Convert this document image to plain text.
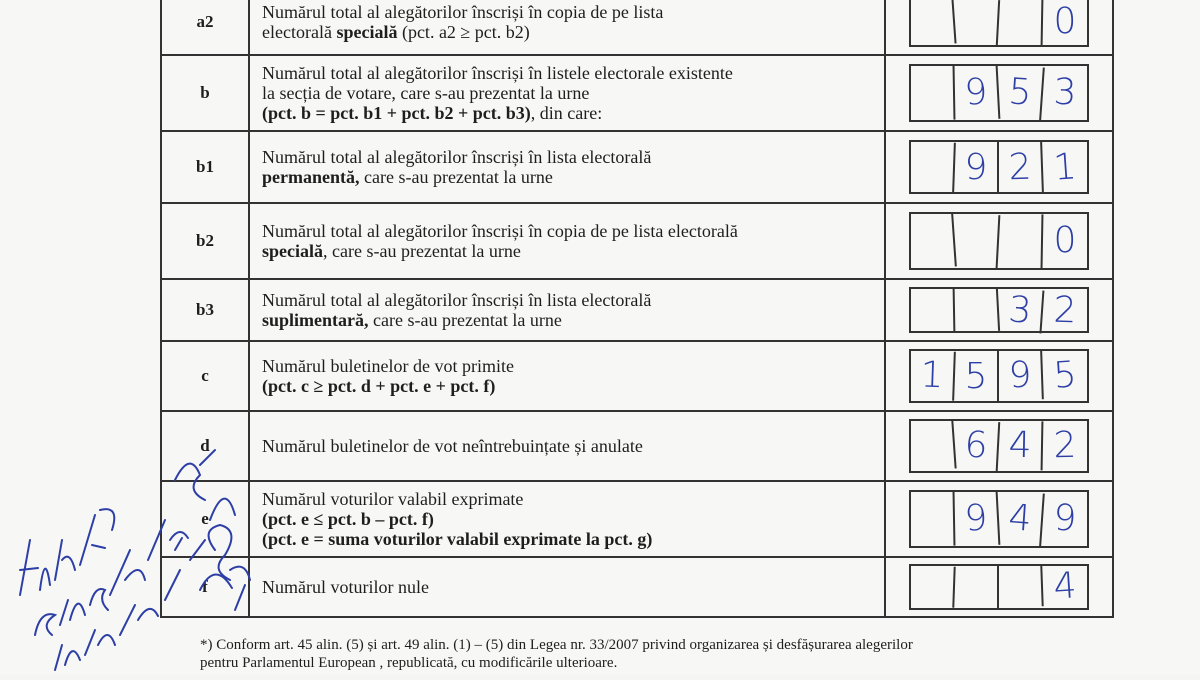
a2	Numărul total al alegătorilor înscriși în copia de pe lista
electorală specială (pct. a2 ≥ pct. b2)	0
b
Numărul total al alegătorilor înscriși în listele electorale existente
la secția de votare, care s-au prezentat la urne
(pct. b = pct. b1 + pct. b2 + pct. b3), din care:	9 5 3
b1	Numărul total al alegătorilor înscriși în lista electorală
permanentă, care s-au prezentat la urne	9 2 1
b2	Numărul total al alegătorilor înscriși în copia de pe lista electorală
specială, care s-au prezentat la urne	0
b3	Numărul total al alegătorilor înscriși în lista electorală
suplimentară, care s-au prezentat la urne	3 2
c	Numărul buletinelor de vot primite
(pct. c ≥ pct. d + pct. e + pct. f)	1 5 9 5
d	Numărul buletinelor de vot neîntrebuințate și anulate	6 4 2
e
Numărul voturilor valabil exprimate
(pct. e ≤ pct. b – pct. f)
(pct. e = suma voturilor valabil exprimate la pct. g)	9 4 9
f	Numărul voturilor nule	4
*) Conform art. 45 alin. (5) și art. 49 alin. (1) – (5) din Legea nr. 33/2007 privind organizarea și desfășurarea alegerilor
pentru Parlamentul European , republicată, cu modificările ulterioare.
